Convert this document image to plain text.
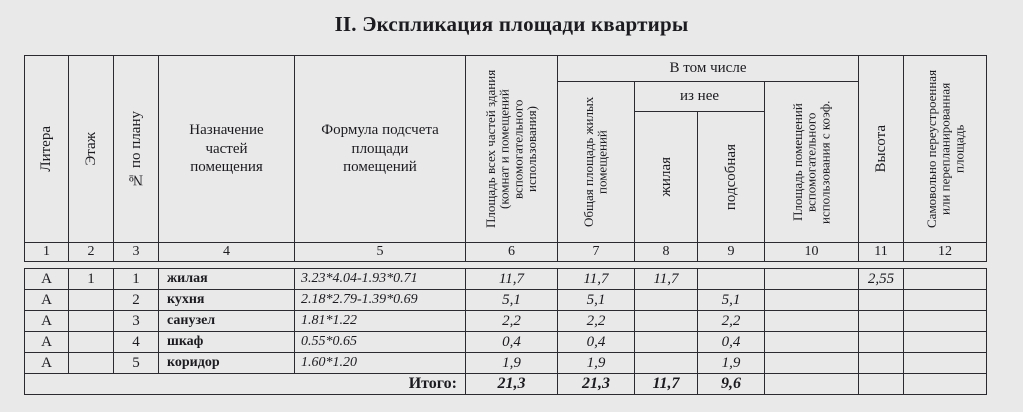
II. Экспликация площади квартиры
Литера	Этаж	№ по плану	Назначение частей помещения	Формула подсчета площади помещений	Площадь всех частей здания (комнат и помещений вспомогательного использования)	В том числе				Высота	Самовольно переустроенная или перепланированная площадь

						Общая площадь жилых помещений	из нее		Площадь помещений вспомогательного использования с коэф.		

							жилая	подсобная			

1	2	3	4	5	6	7	8	9	10	11	12

А	1	1	жилая	3.23*4.04-1.93*0.71	11,7	11,7	11,7			2,55	
А		2	кухня	2.18*2.79-1.39*0.69	5,1	5,1		5,1			
А		3	санузел	1.81*1.22	2,2	2,2		2,2			
А		4	шкаф	0.55*0.65	0,4	0,4		0,4			
А		5	коридор	1.60*1.20	1,9	1,9		1,9			
Итого:					21,3	21,3	11,7	9,6			
